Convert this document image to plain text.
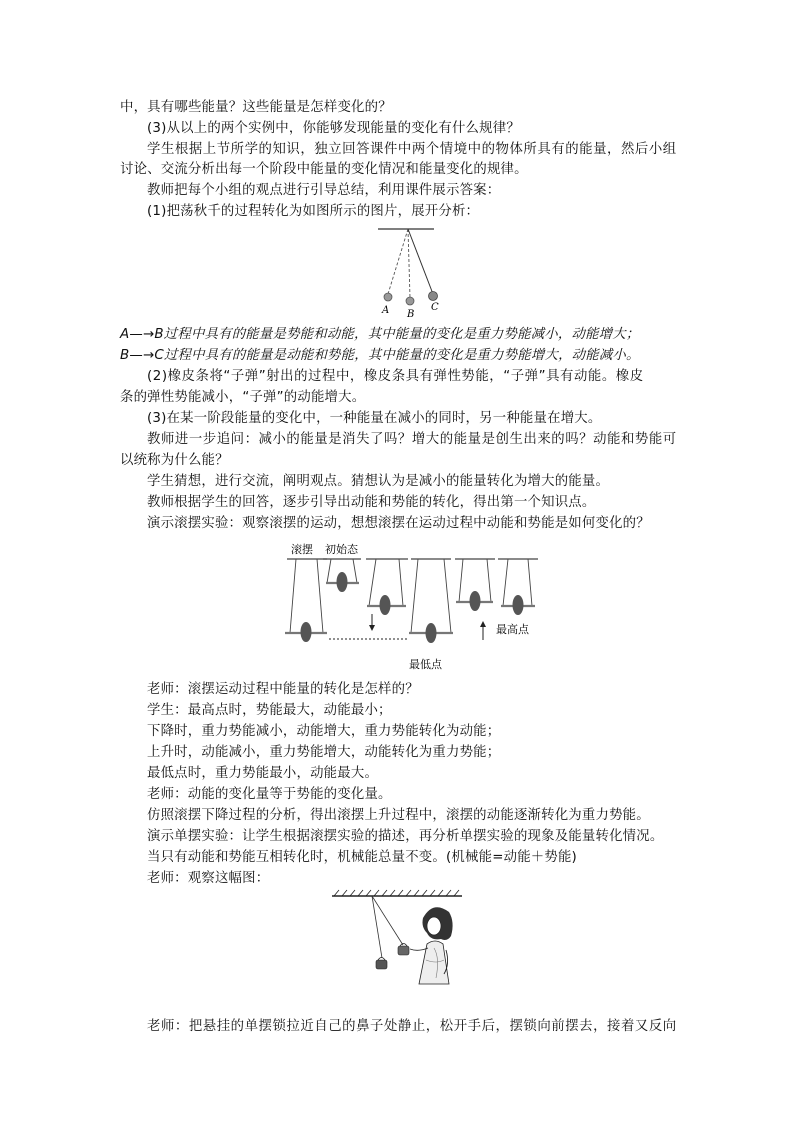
中，具有哪些能量？这些能量是怎样变化的？
(3)从以上的两个实例中，你能够发现能量的变化有什么规律？
学生根据上节所学的知识，独立回答课件中两个情境中的物体所具有的能量，然后小组
讨论、交流分析出每一个阶段中能量的变化情况和能量变化的规律。
教师把每个小组的观点进行引导总结，利用课件展示答案：
(1)把荡秋千的过程转化为如图所示的图片，展开分析：
A B
C
A—→B过程中具有的能量是势能和动能，其中能量的变化是重力势能减小，动能增大；
B—→C过程中具有的能量是动能和势能，其中能量的变化是重力势能增大，动能减小。
(2)橡皮条将“子弹”射出的过程中，橡皮条具有弹性势能，“子弹”具有动能。橡皮
条的弹性势能减小，“子弹”的动能增大。
(3)在某一阶段能量的变化中，一种能量在减小的同时，另一种能量在增大。
教师进一步追问：减小的能量是消失了吗？增大的能量是创生出来的吗？动能和势能可
以统称为什么能？
学生猜想，进行交流，阐明观点。猜想认为是减小的能量转化为增大的能量。
教师根据学生的回答，逐步引导出动能和势能的转化，得出第一个知识点。
演示滚摆实验：观察滚摆的运动，想想滚摆在运动过程中动能和势能是如何变化的？
滚摆 初始态
最高点
最低点
老师：滚摆运动过程中能量的转化是怎样的？
学生：最高点时，势能最大，动能最小；
下降时，重力势能减小，动能增大，重力势能转化为动能；
上升时，动能减小，重力势能增大，动能转化为重力势能；
最低点时，重力势能最小，动能最大。
老师：动能的变化量等于势能的变化量。
仿照滚摆下降过程的分析，得出滚摆上升过程中，滚摆的动能逐渐转化为重力势能。
演示单摆实验：让学生根据滚摆实验的描述，再分析单摆实验的现象及能量转化情况。
当只有动能和势能互相转化时，机械能总量不变。(机械能=动能＋势能)
老师：观察这幅图：
老师：把悬挂的单摆锁拉近自己的鼻子处静止，松开手后，摆锁向前摆去，接着又反向
